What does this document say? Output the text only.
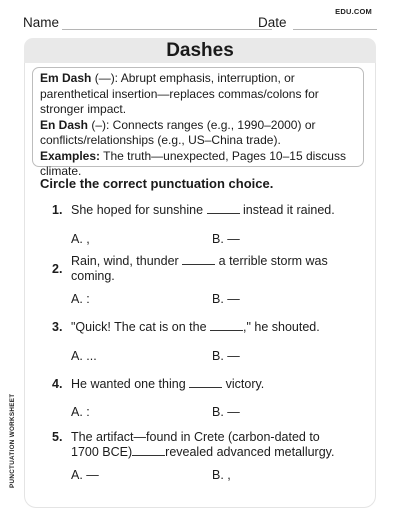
EDU.COM
Name	Date
Dashes
Em Dash (—): Abrupt emphasis, interruption, or parenthetical insertion—replaces commas/colons for stronger impact.
En Dash (–): Connects ranges (e.g., 1990–2000) or conflicts/relationships (e.g., US–China trade).
Examples: The truth—unexpected, Pages 10–15 discuss climate.
Circle the correct punctuation choice.
1. She hoped for sunshine	instead it rained.
A. ,	B. —
2.
Rain, wind, thunder	a terrible storm was coming.
A. :	B. —
3. "Quick! The cat is on the	," he shouted.
A. ...	B. —
4. He wanted one thing	victory.
A. :	B. —
5. The artifact—found in Crete (carbon-dated to 1700 BCE)	revealed advanced metallurgy.
A. —	B. ,
PUNCTUATION WORKSHEET
